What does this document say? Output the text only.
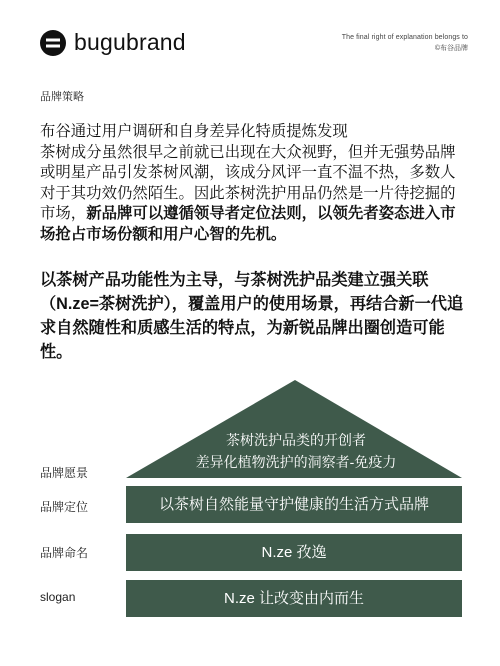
bugubrand	The final right of explanation belongs to
©布谷品牌
品牌策略
布谷通过用户调研和自身差异化特质提炼发现
茶树成分虽然很早之前就已出现在大众视野，但并无强势品牌或明星产品引发茶树风潮，该成分风评一直不温不热，多数人对于其功效仍然陌生。因此茶树洗护用品仍然是一片待挖掘的市场，新品牌可以遵循领导者定位法则，以领先者姿态进入市场抢占市场份额和用户心智的先机。
以茶树产品功能性为主导，与茶树洗护品类建立强关联（N.ze=茶树洗护），覆盖用户的使用场景，再结合新一代追求自然随性和质感生活的特点，为新锐品牌出圈创造可能性。
茶树洗护品类的开创者
差异化植物洗护的洞察者-免疫力
以茶树自然能量守护健康的生活方式品牌
N.ze 孜逸
N.ze 让改变由内而生
品牌愿景
品牌定位
品牌命名
slogan
